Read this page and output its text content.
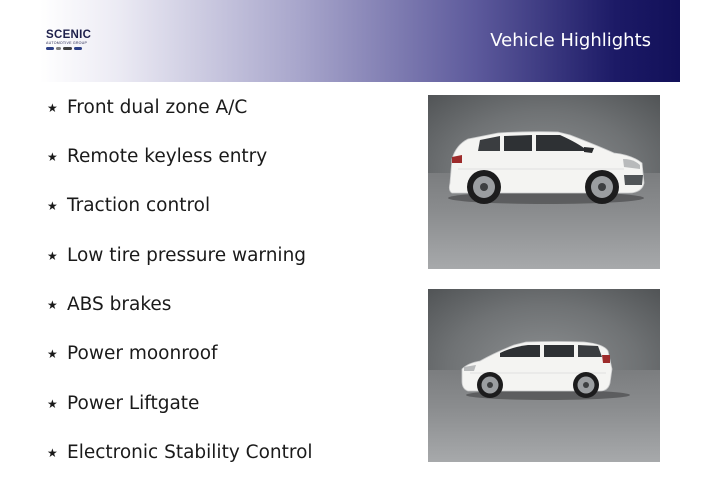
SCENIC
AUTOMOTIVE GROUP	Vehicle Highlights
★ Front dual zone A/C
★ Remote keyless entry
★ Traction control
★ Low tire pressure warning
★ ABS brakes
★ Power moonroof
★ Power Liftgate
★ Electronic Stability Control
